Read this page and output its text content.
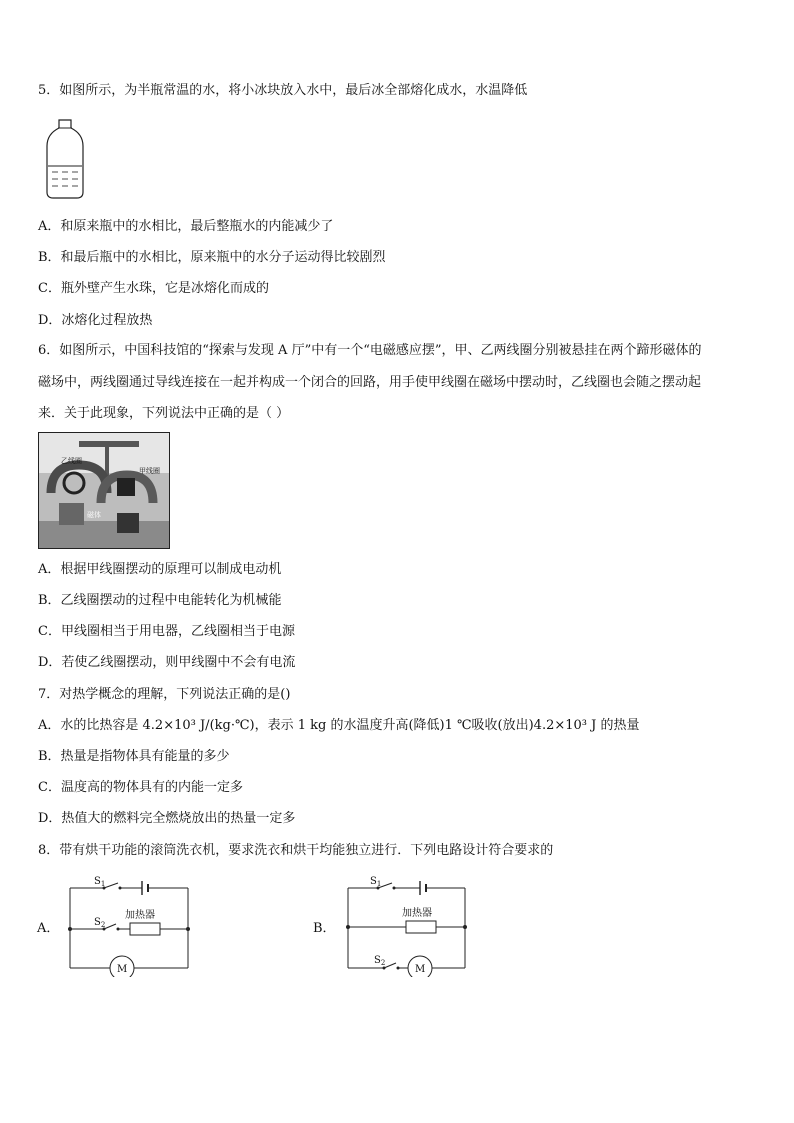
5．如图所示，为半瓶常温的水，将小冰块放入水中，最后冰全部熔化成水，水温降低
A．和原来瓶中的水相比，最后整瓶水的内能减少了
B．和最后瓶中的水相比，原来瓶中的水分子运动得比较剧烈
C．瓶外壁产生水珠，它是冰熔化而成的
D．冰熔化过程放热
6．如图所示，中国科技馆的“探索与发现 A 厅”中有一个“电磁感应摆”，甲、乙两线圈分别被悬挂在两个蹄形磁体的
磁场中，两线圈通过导线连接在一起并构成一个闭合的回路，用手使甲线圈在磁场中摆动时，乙线圈也会随之摆动起
来．关于此现象，下列说法中正确的是（ ）
乙线圈
甲线圈
磁体
A．根据甲线圈摆动的原理可以制成电动机
B．乙线圈摆动的过程中电能转化为机械能
C．甲线圈相当于用电器，乙线圈相当于电源
D．若使乙线圈摆动，则甲线圈中不会有电流
7．对热学概念的理解，下列说法正确的是()
A．水的比热容是 4.2×10³ J/(kg·℃)，表示 1 kg 的水温度升高(降低)1 ℃吸收(放出)4.2×10³ J 的热量
B．热量是指物体具有能量的多少
C．温度高的物体具有的内能一定多
D．热值大的燃料完全燃烧放出的热量一定多
8．带有烘干功能的滚筒洗衣机，要求洗衣和烘干均能独立进行．下列电路设计符合要求的
A．
$S_1$
$S_2$
加热器
M
B．
$S_1$
$S_2$
加热器
M
